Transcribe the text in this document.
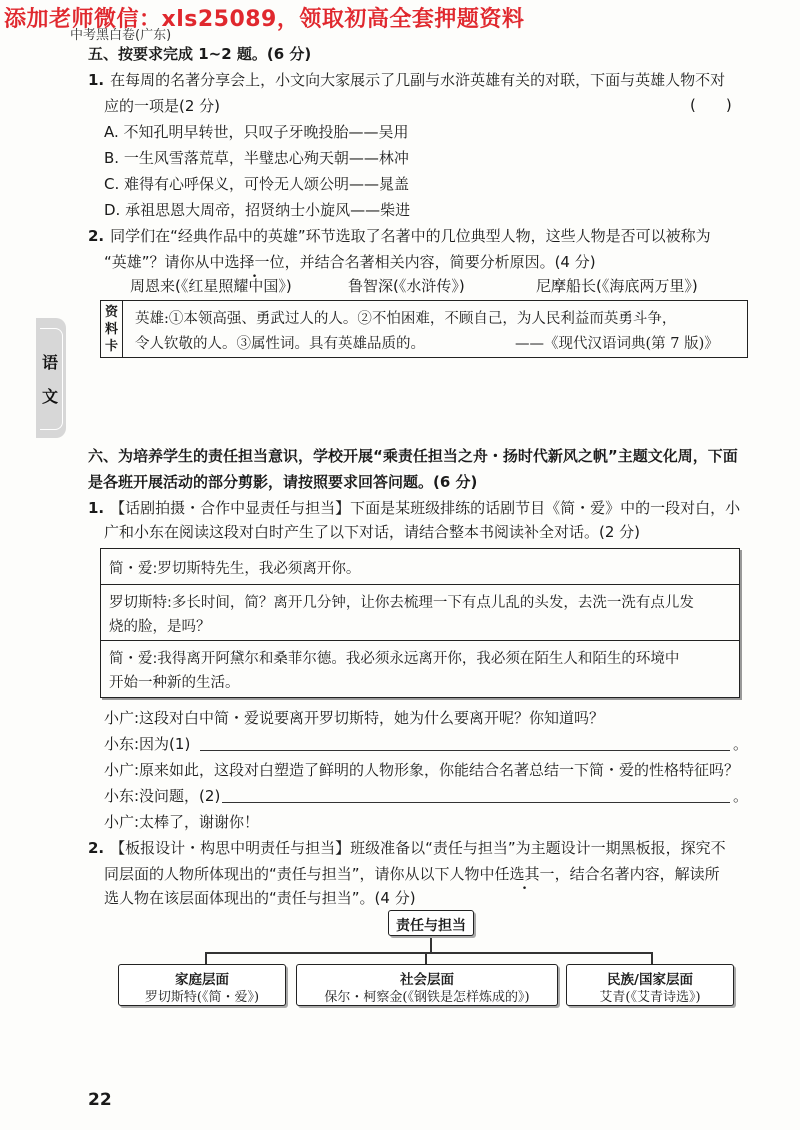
添加老师微信：xls25089，领取初高全套押题资料
中考黑白卷(广东)
语
文
五、按要求完成 1~2 题。(6 分)
1. 在每周的名著分享会上，小文向大家展示了几副与水浒英雄有关的对联，下面与英雄人物不对
应的一项是(2 分)	(　　)
A. 不知孔明早转世，只叹子牙晚投胎——吴用
B. 一生风雪落荒草，半璧忠心殉天朝——林冲
C. 难得有心呼保义，可怜无人颂公明——晁盖
D. 承祖思恩大周帝，招贤纳士小旋风——柴进
2. 同学们在“经典作品中的英雄”环节选取了名著中的几位典型人物，这些人物是否可以被称为
“英雄”？请你从中选择一位，并结合名著相关内容，简要分析原因。(4 分)
周恩来(《红星照耀中国》)	鲁智深(《水浒传》)	尼摩船长(《海底两万里》)
资
料
卡
英雄:①本领高强、勇武过人的人。②不怕困难，不顾自己，为人民利益而英勇斗争，
令人钦敬的人。③属性词。具有英雄品质的。	——《现代汉语词典(第 7 版)》
六、为培养学生的责任担当意识，学校开展“乘责任担当之舟・扬时代新风之帆”主题文化周，下面
是各班开展活动的部分剪影，请按照要求回答问题。(6 分)
1. 【话剧拍摄・合作中显责任与担当】下面是某班级排练的话剧节目《简・爱》中的一段对白，小
广和小东在阅读这段对白时产生了以下对话，请结合整本书阅读补全对话。(2 分)
简・爱:罗切斯特先生，我必须离开你。
罗切斯特:多长时间，简？离开几分钟，让你去梳理一下有点儿乱的头发，去洗一洗有点儿发
烧的脸，是吗？
简・爱:我得离开阿黛尔和桑菲尔德。我必须永远离开你，我必须在陌生人和陌生的环境中
开始一种新的生活。
小广:这段对白中简・爱说要离开罗切斯特，她为什么要离开呢？你知道吗？
小东:因为(1)	。
小广:原来如此，这段对白塑造了鲜明的人物形象，你能结合名著总结一下简・爱的性格特征吗？
小东:没问题，(2)	。
小广:太棒了，谢谢你！
2. 【板报设计・构思中明责任与担当】班级准备以“责任与担当”为主题设计一期黑板报，探究不
同层面的人物所体现出的“责任与担当”，请你从以下人物中任选其一，结合名著内容，解读所
选人物在该层面体现出的“责任与担当”。(4 分)
责任与担当
家庭层面
罗切斯特(《简・爱》)
社会层面
保尔・柯察金(《钢铁是怎样炼成的》)
民族/国家层面
艾青(《艾青诗选》)
22
